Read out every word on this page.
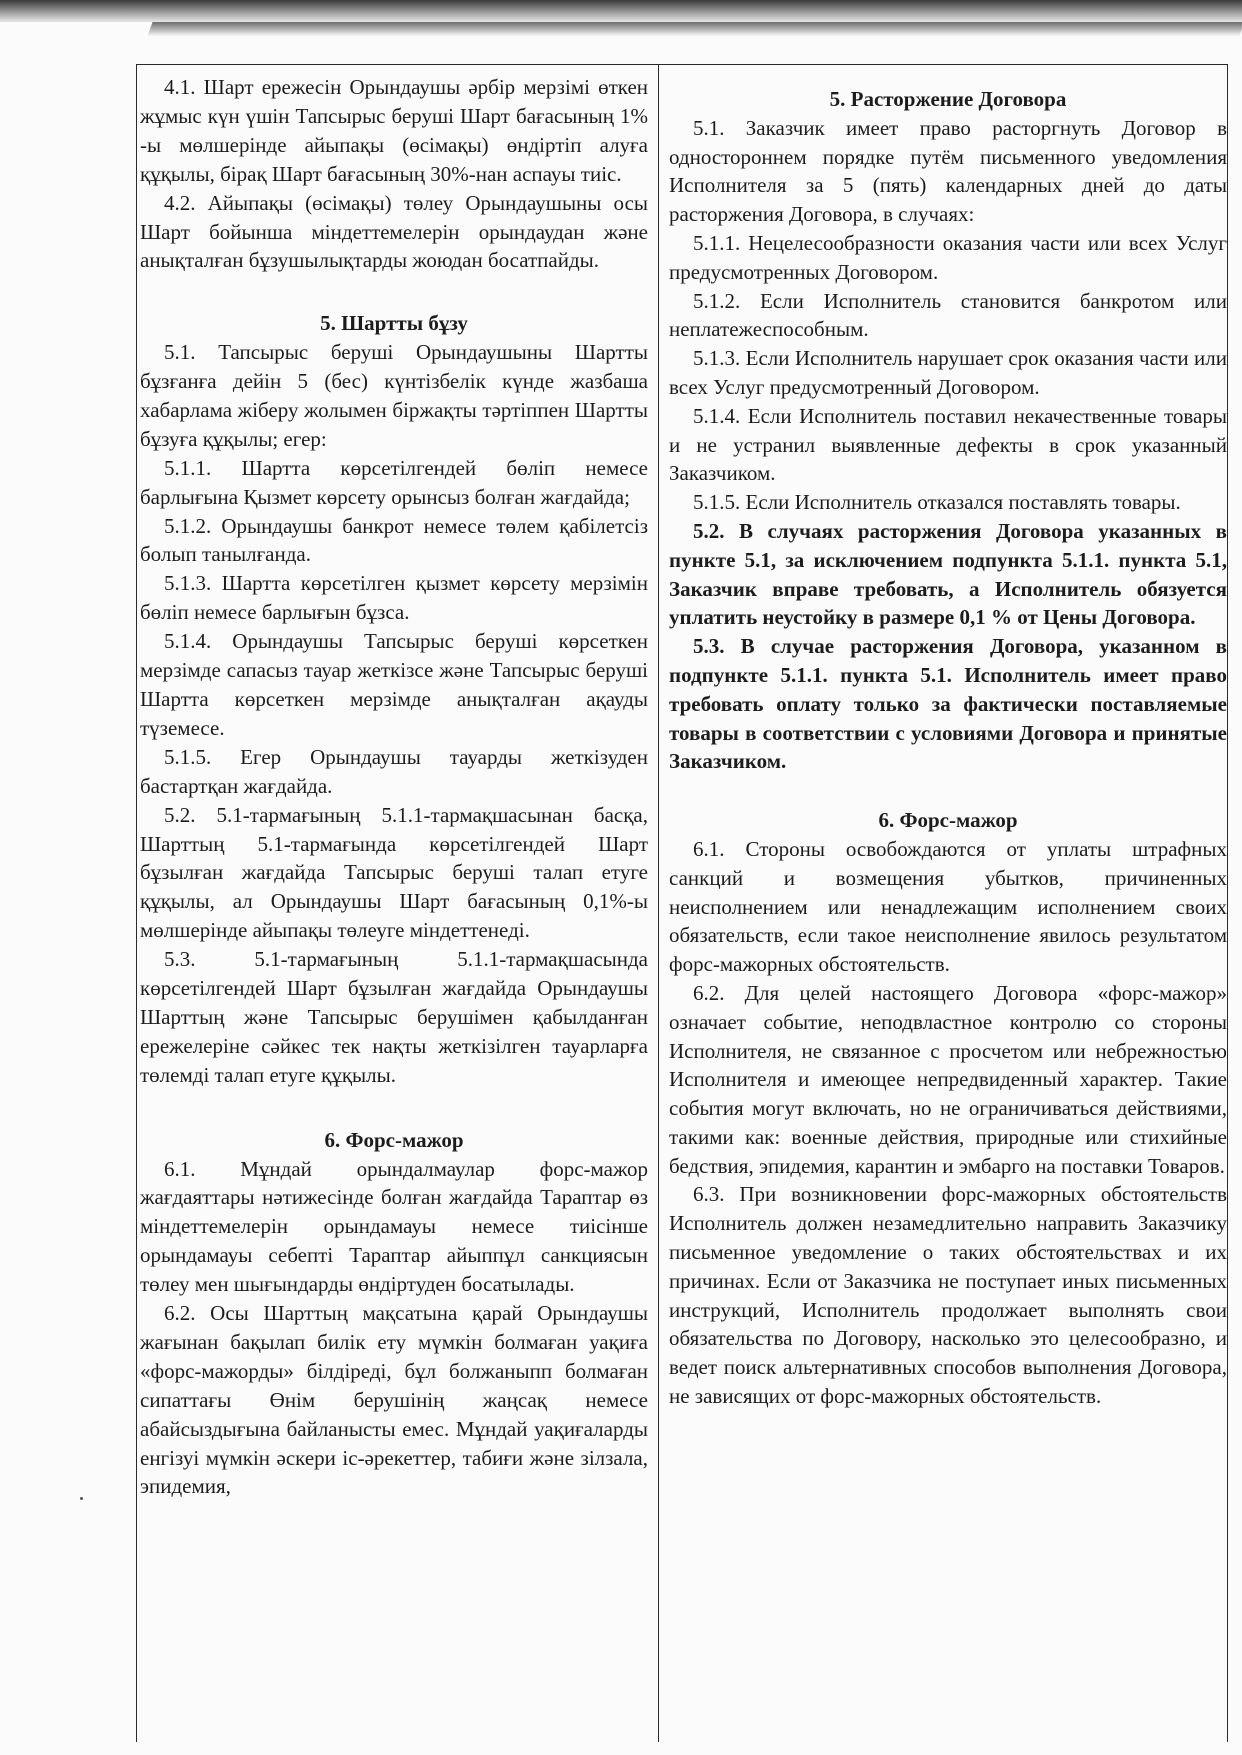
4.1. Шарт ережесін Орындаушы әрбір мерзімі өткен жұмыс күн үшін Тапсырыс беруші Шарт бағасының 1% -ы мөлшерінде айыпақы (өсімақы) өндіртіп алуға құқылы, бірақ Шарт бағасының 30%-нан аспауы тиіс.

4.2. Айыпақы (өсімақы) төлеу Орындаушыны осы Шарт бойынша міндеттемелерін орындаудан және анықталған бұзушылықтарды жоюдан босатпайды.

5. Шартты бұзу

5.1. Тапсырыс беруші Орындаушыны Шартты бұзғанға дейін 5 (бес) күнтізбелік күнде жазбаша хабарлама жіберу жолымен біржақты тәртіппен Шартты бұзуға құқылы; егер:

5.1.1. Шартта көрсетілгендей бөліп немесе барлығына Қызмет көрсету орынсыз болған жағдайда;

5.1.2. Орындаушы банкрот немесе төлем қабілетсіз болып танылғанда.

5.1.3. Шартта көрсетілген қызмет көрсету мерзімін бөліп немесе барлығын бұзса.

5.1.4. Орындаушы Тапсырыс беруші көрсеткен мерзімде сапасыз тауар жеткізсе және Тапсырыс беруші Шартта көрсеткен мерзімде анықталған ақауды түземесе.

5.1.5. Егер Орындаушы тауарды жеткізуден бастартқан жағдайда.

5.2. 5.1-тармағының 5.1.1-тармақшасынан басқа, Шарттың 5.1-тармағында көрсетілгендей Шарт бұзылған жағдайда Тапсырыс беруші талап етуге құқылы, ал Орындаушы Шарт бағасының 0,1%-ы мөлшерінде айыпақы төлеуге міндеттенеді.

5.3. 5.1-тармағының 5.1.1-тармақшасында көрсетілгендей Шарт бұзылған жағдайда Орындаушы Шарттың және Тапсырыс берушімен қабылданған ережелеріне сәйкес тек нақты жеткізілген тауарларға төлемді талап етуге құқылы.

6. Форс-мажор

6.1. Мұндай орындалмаулар форс-мажор жағдаяттары нәтижесінде болған жағдайда Тараптар өз міндеттемелерін орындамауы немесе тиісінше орындамауы себепті Тараптар айыппұл санкциясын төлеу мен шығындарды өндіртуден босатылады.

6.2. Осы Шарттың мақсатына қарай Орындаушы жағынан бақылап билік ету мүмкін болмаған уақиға «форс-мажорды» білдіреді, бұл болжаныпп болмаған сипаттағы Өнім берушінің жаңсақ немесе абайсыздығына байланысты емес. Мұндай уақиғаларды енгізуі мүмкін әскери іс-әрекеттер, табиғи және зілзала, эпидемия,

5. Расторжение Договора

5.1. Заказчик имеет право расторгнуть Договор в одностороннем порядке путём письменного уведомления Исполнителя за 5 (пять) календарных дней до даты расторжения Договора, в случаях:

5.1.1. Нецелесообразности оказания части или всех Услуг предусмотренных Договором.

5.1.2. Если Исполнитель становится банкротом или неплатежеспособным.

5.1.3. Если Исполнитель нарушает срок оказания части или всех Услуг предусмотренный Договором.

5.1.4. Если Исполнитель поставил некачественные товары и не устранил выявленные дефекты в срок указанный Заказчиком.

5.1.5. Если Исполнитель отказался поставлять товары.

5.2. В случаях расторжения Договора указанных в пункте 5.1, за исключением подпункта 5.1.1. пункта 5.1, Заказчик вправе требовать, а Исполнитель обязуется уплатить неустойку в размере 0,1 % от Цены Договора.

5.3. В случае расторжения Договора, указанном в подпункте 5.1.1. пункта 5.1. Исполнитель имеет право требовать оплату только за фактически поставляемые товары в соответствии с условиями Договора и принятые Заказчиком.

6. Форс-мажор

6.1. Стороны освобождаются от уплаты штрафных санкций и возмещения убытков, причиненных неисполнением или ненадлежащим исполнением своих обязательств, если такое неисполнение явилось результатом форс-мажорных обстоятельств.

6.2. Для целей настоящего Договора «форс-мажор» означает событие, неподвластное контролю со стороны Исполнителя, не связанное с просчетом или небрежностью Исполнителя и имеющее непредвиденный характер. Такие события могут включать, но не ограничиваться действиями, такими как: военные действия, природные или стихийные бедствия, эпидемия, карантин и эмбарго на поставки Товаров.

6.3. При возникновении форс-мажорных обстоятельств Исполнитель должен незамедлительно направить Заказчику письменное уведомление о таких обстоятельствах и их причинах. Если от Заказчика не поступает иных письменных инструкций, Исполнитель продолжает выполнять свои обязательства по Договору, насколько это целесообразно, и ведет поиск альтернативных способов выполнения Договора, не зависящих от форс-мажорных обстоятельств.
